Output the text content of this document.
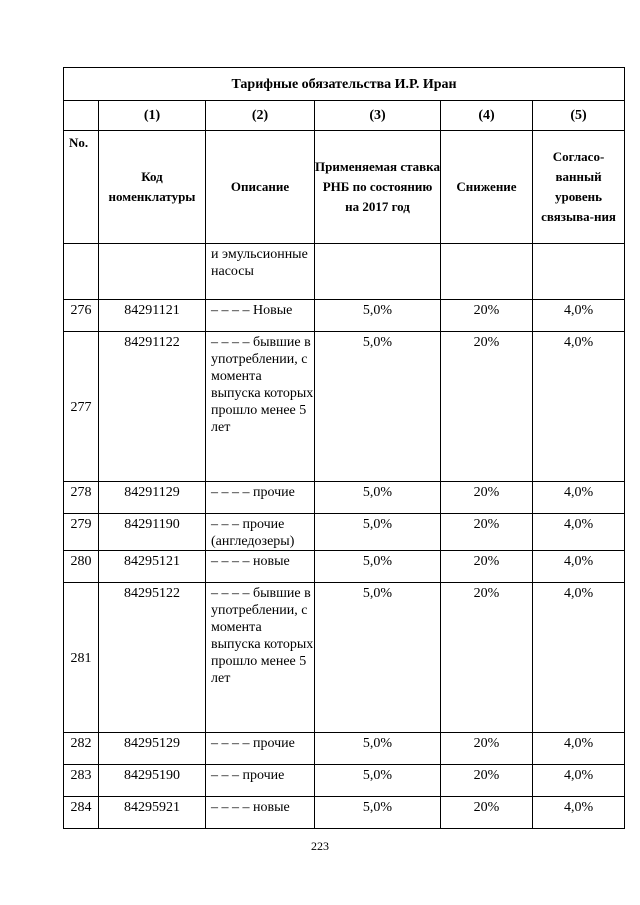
Тарифные обязательства И.Р. Иран					
	(1)	(2)	(3)	(4)	(5)
No.	Код номенклатуры	Описание	Применяемая ставка РНБ по состоянию на 2017 год	Снижение	Согласо-ванный уровень связыва-ния

		и эмульсионные насосы			

276	84291121	– – – – Новые	5,0%	20%	4,0%

277	84291122	– – – – бывшие в употреблении, с момента выпуска которых прошло менее 5 лет	5,0%	20%	4,0%

278	84291129	– – – – прочие	5,0%	20%	4,0%

279	84291190	– – – прочие (англедозеры)	5,0%	20%	4,0%

280	84295121	– – – – новые	5,0%	20%	4,0%

281	84295122	– – – – бывшие в употреблении, с момента выпуска которых прошло менее 5 лет	5,0%	20%	4,0%

282	84295129	– – – – прочие	5,0%	20%	4,0%

283	84295190	– – – прочие	5,0%	20%	4,0%

284	84295921	– – – – новые	5,0%	20%	4,0%
223
